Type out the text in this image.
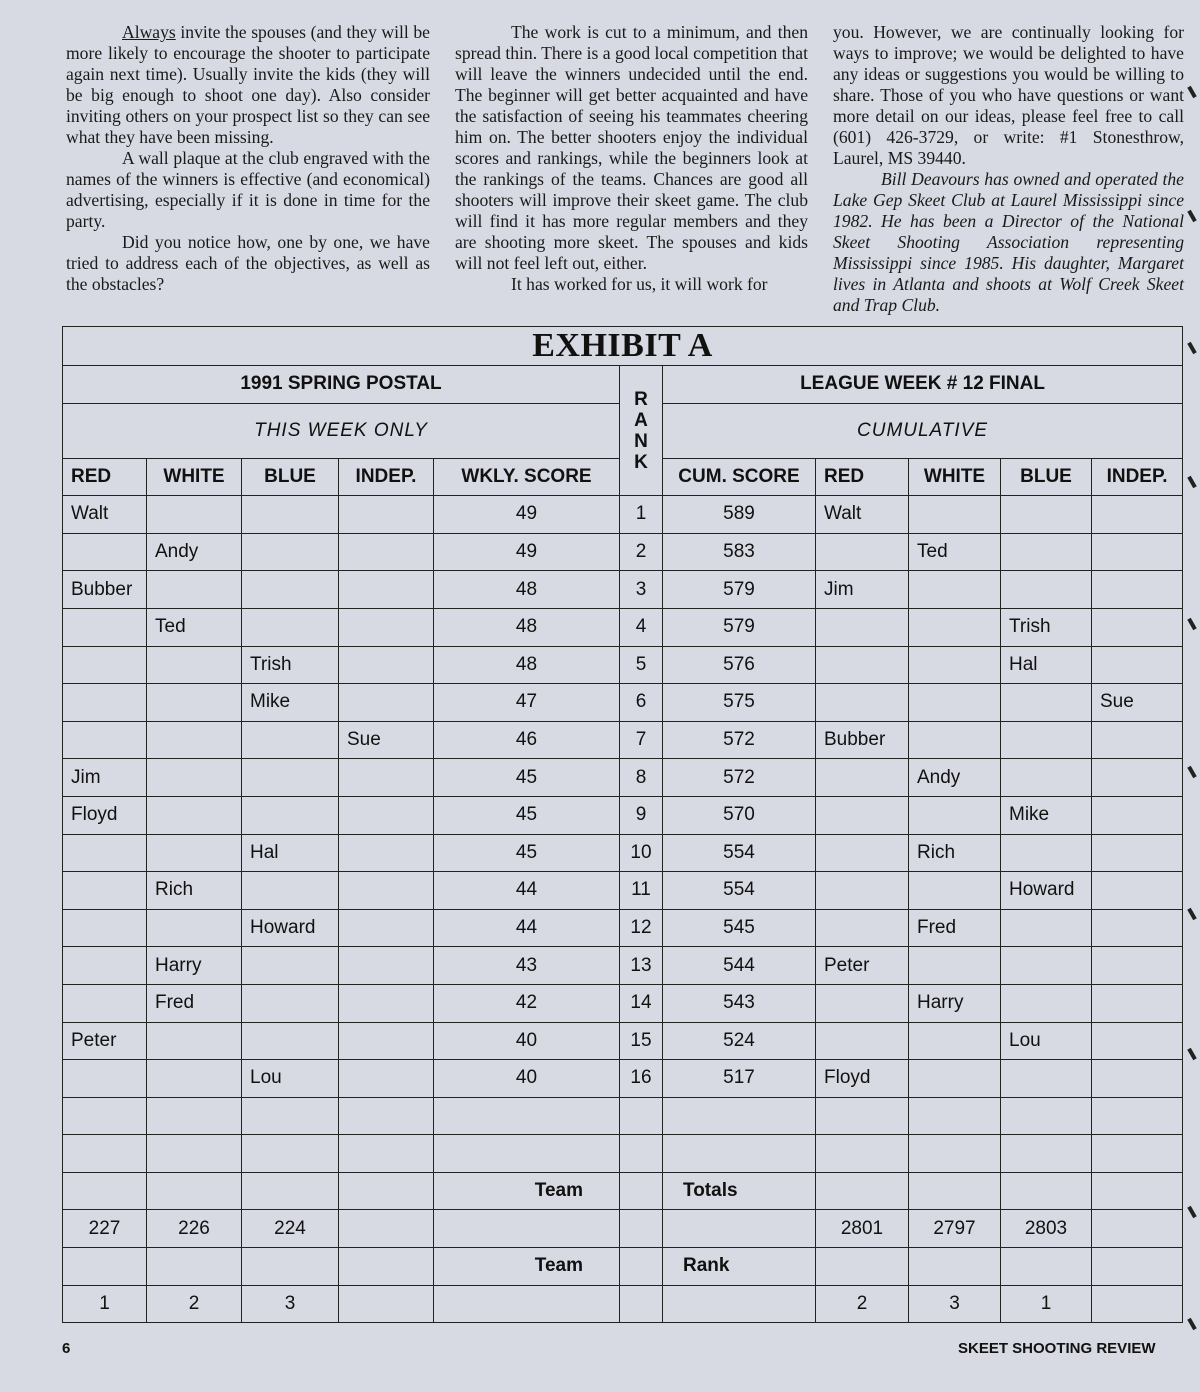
Always invite the spouses (and they will be more likely to encourage the shooter to participate again next time). Usually invite the kids (they will be big enough to shoot one day). Also consider inviting others on your prospect list so they can see what they have been missing.

A wall plaque at the club engraved with the names of the winners is effective (and economical) advertising, especially if it is done in time for the party.

Did you notice how, one by one, we have tried to address each of the objectives, as well as the obstacles?

The work is cut to a minimum, and then spread thin. There is a good local competition that will leave the winners undecided until the end. The beginner will get better acquainted and have the satisfaction of seeing his teammates cheering him on. The better shooters enjoy the individual scores and rankings, while the beginners look at the rankings of the teams. Chances are good all shooters will improve their skeet game. The club will find it has more regular members and they are shooting more skeet. The spouses and kids will not feel left out, either.

It has worked for us, it will work for

you. However, we are continually looking for ways to improve; we would be delighted to have any ideas or suggestions you would be willing to share. Those of you who have questions or want more detail on our ideas, please feel free to call (601) 426-3729, or write: #1 Stonesthrow, Laurel, MS 39440.

Bill Deavours has owned and operated the Lake Gep Skeet Club at Laurel Mississippi since 1982. He has been a Director of the National Skeet Shooting Association representing Mississippi since 1985. His daughter, Margaret lives in Atlanta and shoots at Wolf Creek Skeet and Trap Club.

EXHIBIT A										
1991 SPRING POSTAL					R
A
N
K	LEAGUE WEEK # 12 FINAL				
THIS WEEK ONLY						CUMULATIVE				
RED	WHITE	BLUE	INDEP.	WKLY. SCORE		CUM. SCORE	RED	WHITE	BLUE	INDEP.
Walt				49	1	589	Walt			
	Andy			49	2	583		Ted		
Bubber				48	3	579	Jim			
	Ted			48	4	579			Trish	
		Trish		48	5	576			Hal	
		Mike		47	6	575				Sue
			Sue	46	7	572	Bubber			
Jim				45	8	572		Andy		
Floyd				45	9	570			Mike	
		Hal		45	10	554		Rich		
	Rich			44	11	554			Howard	
		Howard		44	12	545		Fred		
	Harry			43	13	544	Peter			
	Fred			42	14	543		Harry		
Peter				40	15	524			Lou	
		Lou		40	16	517	Floyd			

				Team		Totals				
227	226	224					2801	2797	2803	
				Team		Rank				
1	2	3					2	3	1	
6	SKEET SHOOTING REVIEW
